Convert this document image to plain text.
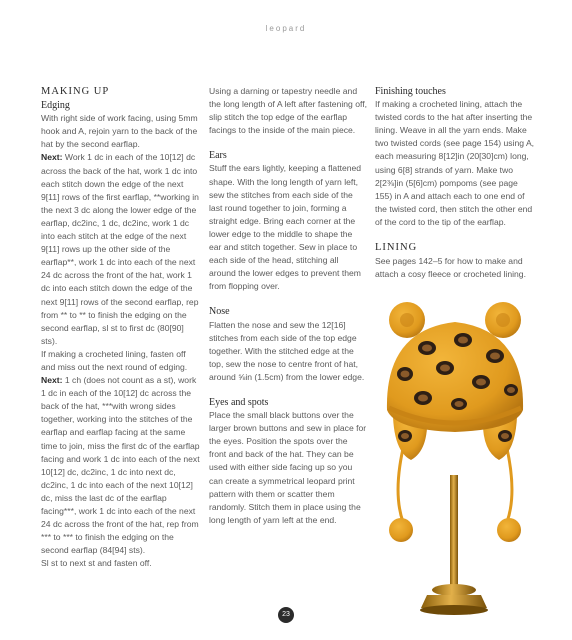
leopard
MAKING UP
Edging

With right side of work facing, using 5mm hook and A, rejoin yarn to the back of the hat by the second earflap.

Next: Work 1 dc in each of the 10[12] dc across the back of the hat, work 1 dc into each stitch down the edge of the next 9[11] rows of the first earflap, **working in the next 3 dc along the lower edge of the earflap, dc2inc, 1 dc, dc2inc, work 1 dc into each stitch at the edge of the next 9[11] rows up the other side of the earflap**, work 1 dc into each of the next 24 dc across the front of the hat, work 1 dc into each stitch down the edge of the next 9[11] rows of the second earflap, rep from ** to ** to finish the edging on the second earflap, sl st to first dc (80[90] sts).

If making a crocheted lining, fasten off and miss out the next round of edging.

Next: 1 ch (does not count as a st), work 1 dc in each of the 10[12] dc across the back of the hat, ***with wrong sides together, working into the stitches of the earflap and earflap facing at the same time to join, miss the first dc of the earflap facing and work 1 dc into each of the next 10[12] dc, dc2inc, 1 dc into next dc, dc2inc, 1 dc into each of the next 10[12] dc, miss the last dc of the earflap facing***, work 1 dc into each of the next 24 dc across the front of the hat, rep from *** to *** to finish the edging on the second earflap (84[94] sts).

Sl st to next st and fasten off.

Using a darning or tapestry needle and the long length of A left after fastening off, slip stitch the top edge of the earflap facings to the inside of the main piece.

Ears

Stuff the ears lightly, keeping a flattened shape. With the long length of yarn left, sew the stitches from each side of the last round together to join, forming a straight edge. Bring each corner at the lower edge to the middle to shape the ear and stitch together. Sew in place to each side of the head, stitching all around the lower edges to prevent them from flopping over.

Nose

Flatten the nose and sew the 12[16] stitches from each side of the top edge together. With the stitched edge at the top, sew the nose to centre front of hat, around ⅝in (1.5cm) from the lower edge.

Eyes and spots

Place the small black buttons over the larger brown buttons and sew in place for the eyes. Position the spots over the front and back of the hat. They can be used with either side facing up so you can create a symmetrical leopard print pattern with them or scatter them randomly. Stitch them in place using the long length of yarn left at the end.

Finishing touches

If making a crocheted lining, attach the twisted cords to the hat after inserting the lining. Weave in all the yarn ends. Make two twisted cords (see page 154) using A, each measuring 8[12]in (20[30]cm) long, using 6[8] strands of yarn. Make two 2[2⅜]in (5[6]cm) pompoms (see page 155) in A and attach each to one end of the twisted cord, then stitch the other end of the cord to the tip of the earflap.

LINING

See pages 142–5 for how to make and attach a cosy fleece or crocheted lining.

23
